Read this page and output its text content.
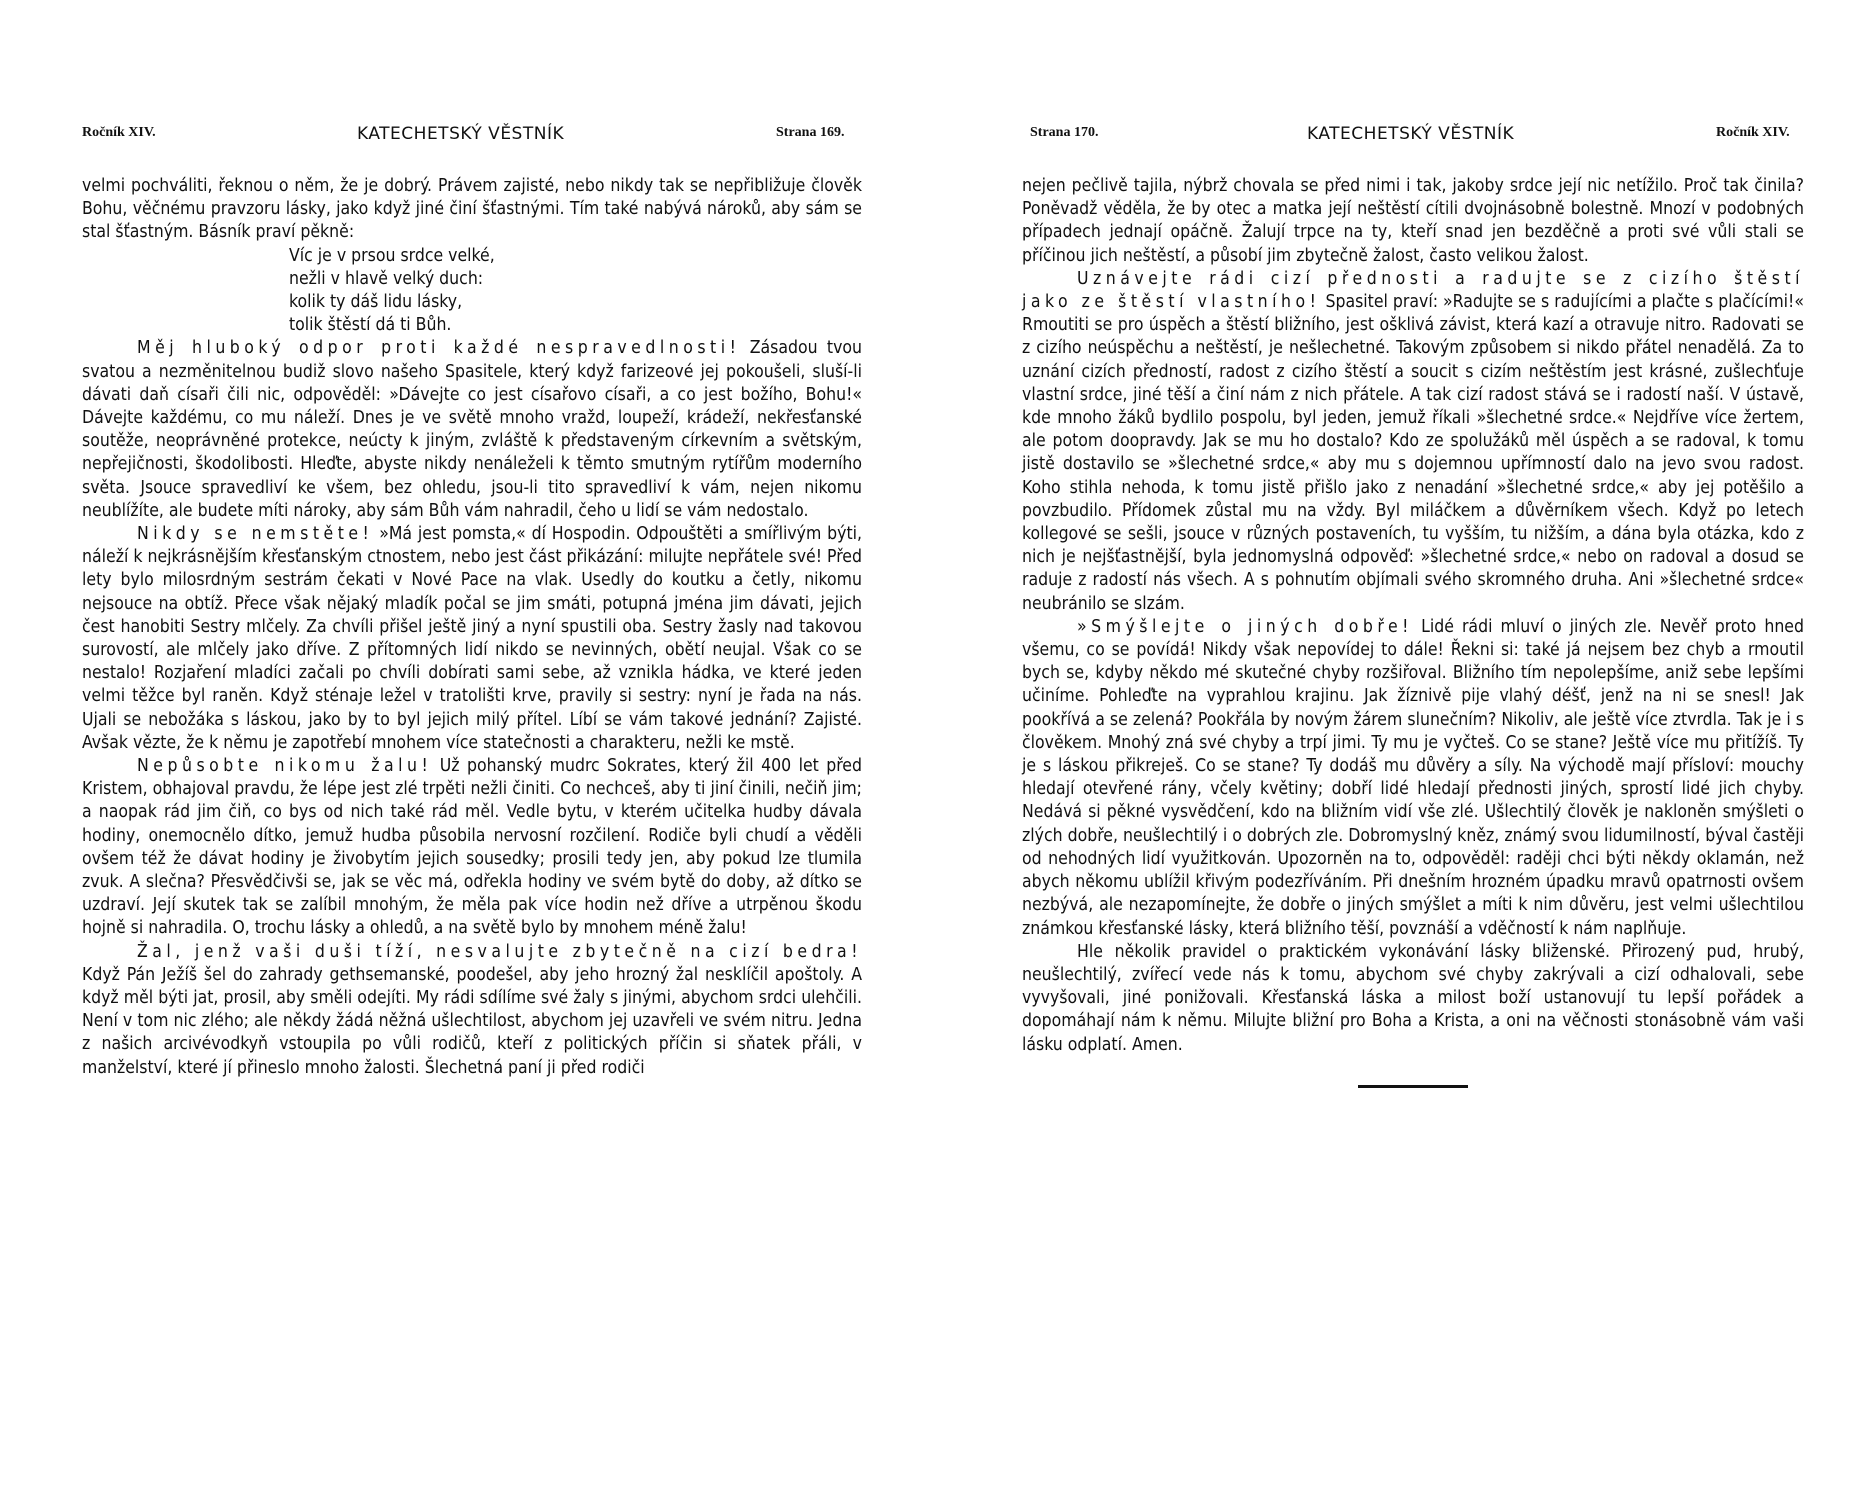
Ročník XIV.	KATECHETSKÝ VĚSTNÍK	Strana 169.

velmi pochváliti, řeknou o něm, že je dobrý. Právem zajisté, nebo nikdy tak se nepřibližuje člověk Bohu, věčnému pravzoru lásky, jako když jiné činí šťastnými. Tím také nabývá nároků, aby sám se stal šťastným. Básník praví pěkně:

Víc je v prsou srdce velké,
nežli v hlavě velký duch:
kolik ty dáš lidu lásky,
tolik štěstí dá ti Bůh.

Měj hluboký odpor proti každé nespravedlnosti! Zásadou tvou svatou a nezměnitelnou budiž slovo našeho Spasitele, který když farizeové jej pokoušeli, sluší-li dávati daň císaři čili nic, odpověděl: »Dávejte co jest císařovo císaři, a co jest božího, Bohu!« Dávejte každému, co mu náleží. Dnes je ve světě mnoho vražd, loupeží, krádeží, nekřesťanské soutěže, neoprávněné protekce, neúcty k jiným, zvláště k představeným církevním a světským, nepřejičnosti, škodolibosti. Hleďte, abyste nikdy nenáleželi k těmto smutným rytířům moderního světa. Jsouce spravedliví ke všem, bez ohledu, jsou-li tito spravedliví k vám, nejen nikomu neublížíte, ale budete míti nároky, aby sám Bůh vám nahradil, čeho u lidí se vám nedostalo.

Nikdy se nemstěte! »Má jest pomsta,« dí Hospodin. Odpouštěti a smířlivým býti, náleží k nejkrásnějším křesťanským ctnostem, nebo jest část přikázání: milujte nepřátele své! Před lety bylo milosrdným sestrám čekati v Nové Pace na vlak. Usedly do koutku a četly, nikomu nejsouce na obtíž. Přece však nějaký mladík počal se jim smáti, potupná jména jim dávati, jejich čest hanobiti Sestry mlčely. Za chvíli přišel ještě jiný a nyní spustili oba. Sestry žasly nad takovou surovostí, ale mlčely jako dříve. Z přítomných lidí nikdo se nevinných, obětí neujal. Však co se nestalo! Rozjaření mladíci začali po chvíli dobírati sami sebe, až vznikla hádka, ve které jeden velmi těžce byl raněn. Když sténaje ležel v tratolišti krve, pravily si sestry: nyní je řada na nás. Ujali se nebožáka s láskou, jako by to byl jejich milý přítel. Líbí se vám takové jednání? Zajisté. Avšak vězte, že k němu je zapotřebí mnohem více statečnosti a charakteru, nežli ke mstě.

Nepůsobte nikomu žalu! Už pohanský mudrc Sokrates, který žil 400 let před Kristem, obhajoval pravdu, že lépe jest zlé trpěti nežli činiti. Co nechceš, aby ti jiní činili, nečiň jim; a naopak rád jim čiň, co bys od nich také rád měl. Vedle bytu, v kterém učitelka hudby dávala hodiny, onemocnělo dítko, jemuž hudba působila nervosní rozčilení. Rodiče byli chudí a věděli ovšem též že dávat hodiny je živobytím jejich sousedky; prosili tedy jen, aby pokud lze tlumila zvuk. A slečna? Přesvědčivši se, jak se věc má, odřekla hodiny ve svém bytě do doby, až dítko se uzdraví. Její skutek tak se zalíbil mnohým, že měla pak více hodin než dříve a utrpěnou škodu hojně si nahradila. O, trochu lásky a ohledů, a na světě bylo by mnohem méně žalu!

Žal, jenž vaši duši tíží, nesvalujte zbytečně na cizí bedra! Když Pán Ježíš šel do zahrady gethsemanské, poodešel, aby jeho hrozný žal nesklíčil apoštoly. A když měl býti jat, prosil, aby směli odejíti. My rádi sdílíme své žaly s jinými, abychom srdci ulehčili. Není v tom nic zlého; ale někdy žádá něžná ušlechtilost, abychom jej uzavřeli ve svém nitru. Jedna z našich arcivévodkyň vstoupila po vůli rodičů, kteří z politických příčin si sňatek přáli, v manželství, které jí přineslo mnoho žalosti. Šlechetná paní ji před rodiči

Strana 170.	KATECHETSKÝ VĚSTNÍK	Ročník XIV.

nejen pečlivě tajila, nýbrž chovala se před nimi i tak, jakoby srdce její nic netížilo. Proč tak činila? Poněvadž věděla, že by otec a matka její neštěstí cítili dvojnásobně bolestně. Mnozí v podobných případech jednají opáčně. Žalují trpce na ty, kteří snad jen bezděčně a proti své vůli stali se příčinou jich neštěstí, a působí jim zbytečně žalost, často velikou žalost.

Uznávejte rádi cizí přednosti a radujte se z cizího štěstí jako ze štěstí vlastního! Spasitel praví: »Radujte se s radujícími a plačte s plačícími!« Rmoutiti se pro úspěch a štěstí bližního, jest ošklivá závist, která kazí a otravuje nitro. Radovati se z cizího neúspěchu a neštěstí, je nešlechetné. Takovým způsobem si nikdo přátel nenadělá. Za to uznání cizích předností, radost z cizího štěstí a soucit s cizím neštěstím jest krásné, zušlechťuje vlastní srdce, jiné těší a činí nám z nich přátele. A tak cizí radost stává se i radostí naší. V ústavě, kde mnoho žáků bydlilo pospolu, byl jeden, jemuž říkali »šlechetné srdce.« Nejdříve více žertem, ale potom doopravdy. Jak se mu ho dostalo? Kdo ze spolužáků měl úspěch a se radoval, k tomu jistě dostavilo se »šlechetné srdce,« aby mu s dojemnou upřímností dalo na jevo svou radost. Koho stihla nehoda, k tomu jistě přišlo jako z nenadání »šlechetné srdce,« aby jej potěšilo a povzbudilo. Přídomek zůstal mu na vždy. Byl miláčkem a důvěrníkem všech. Když po letech kollegové se sešli, jsouce v různých postaveních, tu vyšším, tu nižším, a dána byla otázka, kdo z nich je nejšťastnější, byla jednomyslná odpověď: »šlechetné srdce,« nebo on radoval a dosud se raduje z radostí nás všech. A s pohnutím objímali svého skromného druha. Ani »šlechetné srdce« neubránilo se slzám.

»Smýšlejte o jiných dobře! Lidé rádi mluví o jiných zle. Nevěř proto hned všemu, co se povídá! Nikdy však nepovídej to dále! Řekni si: také já nejsem bez chyb a rmoutil bych se, kdyby někdo mé skutečné chyby rozšiřoval. Bližního tím nepolepšíme, aniž sebe lepšími učiníme. Pohleďte na vyprahlou krajinu. Jak žíznivě pije vlahý déšť, jenž na ni se snesl! Jak pookřívá a se zelená? Pookřála by novým žárem slunečním? Nikoliv, ale ještě více ztvrdla. Tak je i s člověkem. Mnohý zná své chyby a trpí jimi. Ty mu je vyčteš. Co se stane? Ještě více mu přitížíš. Ty je s láskou přikreješ. Co se stane? Ty dodáš mu důvěry a síly. Na východě mají přísloví: mouchy hledají otevřené rány, včely květiny; dobří lidé hledají přednosti jiných, sprostí lidé jich chyby. Nedává si pěkné vysvědčení, kdo na bližním vidí vše zlé. Ušlechtilý člověk je nakloněn smýšleti o zlých dobře, neušlechtilý i o dobrých zle. Dobromyslný kněz, známý svou lidumilností, býval častěji od nehodných lidí využitkován. Upozorněn na to, odpověděl: raději chci býti někdy oklamán, než abych někomu ublížil křivým podezříváním. Při dnešním hrozném úpadku mravů opatrnosti ovšem nezbývá, ale nezapomínejte, že dobře o jiných smýšlet a míti k nim důvěru, jest velmi ušlechtilou známkou křesťanské lásky, která bližního těší, povznáší a vděčností k nám naplňuje.

Hle několik pravidel o praktickém vykonávání lásky bliženské. Přirozený pud, hrubý, neušlechtilý, zvířecí vede nás k tomu, abychom své chyby zakrývali a cizí odhalovali, sebe vyvyšovali, jiné ponižovali. Křesťanská láska a milost boží ustanovují tu lepší pořádek a dopomáhají nám k němu. Milujte bližní pro Boha a Krista, a oni na věčnosti stonásobně vám vaši lásku odplatí. Amen.
